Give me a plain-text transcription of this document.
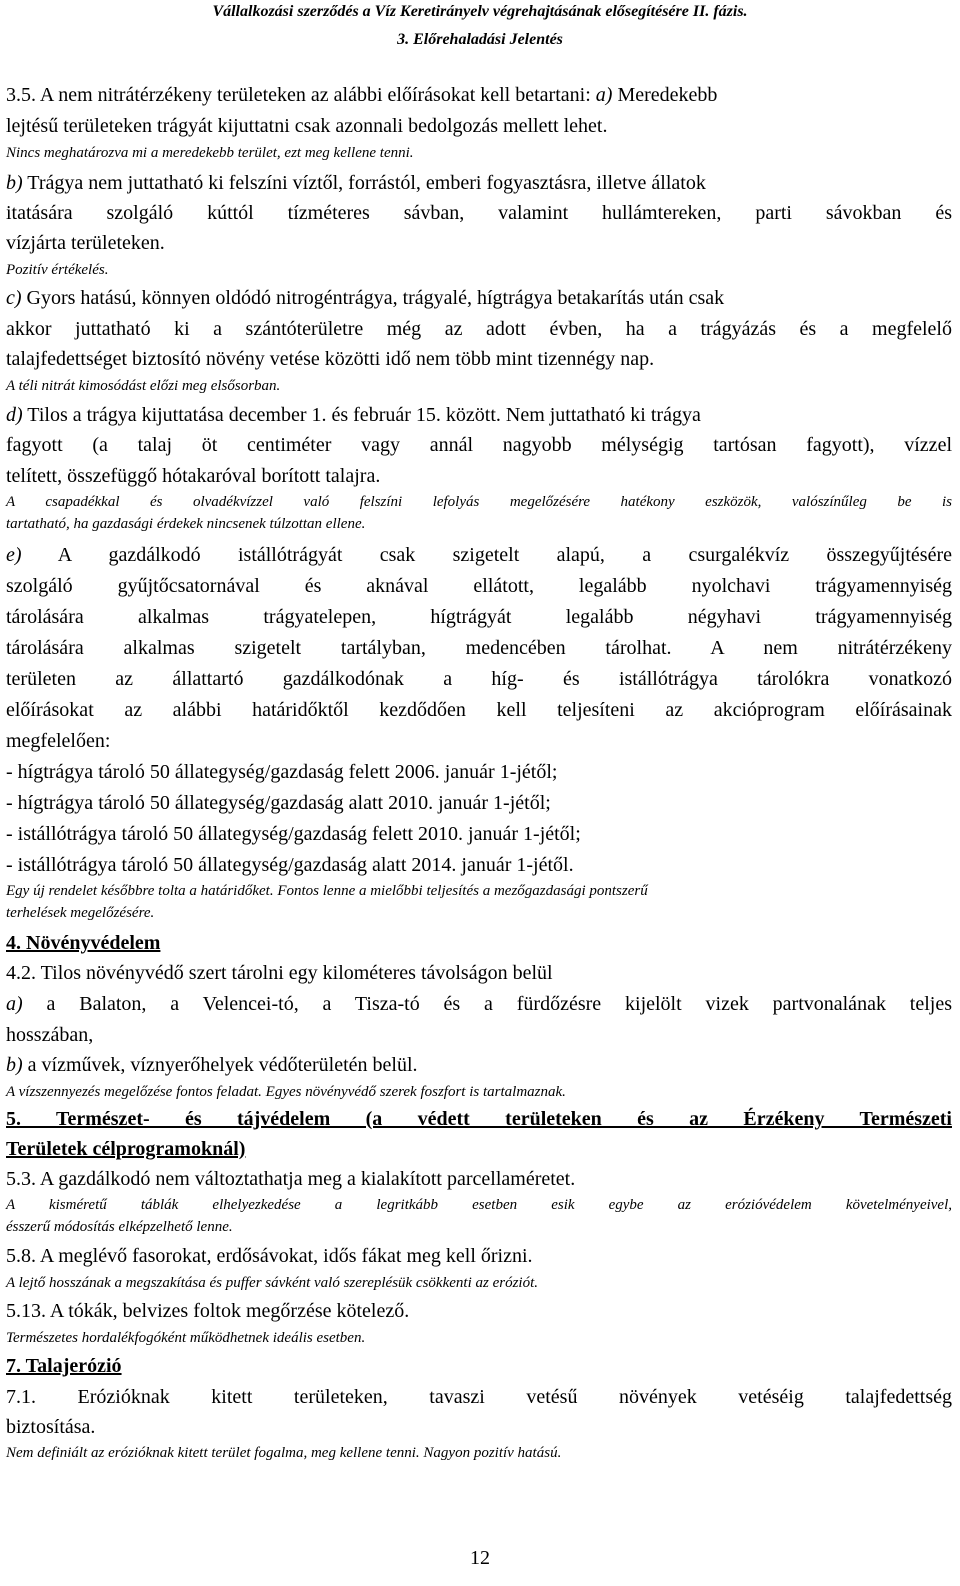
Vállalkozási szerződés a Víz Keretirányelv végrehajtásának elősegítésére II. fázis.
3. Előrehaladási Jelentés
3.5. A nem nitrátérzékeny területeken az alábbi előírásokat kell betartani: a) Meredekebb
lejtésű területeken trágyát kijuttatni csak azonnali bedolgozás mellett lehet.
Nincs meghatározva mi a meredekebb terület, ezt meg kellene tenni.
b) Trágya nem juttatható ki felszíni víztől, forrástól, emberi fogyasztásra, illetve állatok
itatására szolgáló kúttól tízméteres sávban, valamint hullámtereken, parti sávokban és
vízjárta területeken.
Pozitív értékelés.
c) Gyors hatású, könnyen oldódó nitrogéntrágya, trágyalé, hígtrágya betakarítás után csak
akkor juttatható ki a szántóterületre még az adott évben, ha a trágyázás és a megfelelő
talajfedettséget biztosító növény vetése közötti idő nem több mint tizennégy nap.
A téli nitrát kimosódást előzi meg elsősorban.
d) Tilos a trágya kijuttatása december 1. és február 15. között. Nem juttatható ki trágya
fagyott (a talaj öt centiméter vagy annál nagyobb mélységig tartósan fagyott), vízzel
telített, összefüggő hótakaróval borított talajra.
A csapadékkal és olvadékvízzel való felszíni lefolyás megelőzésére hatékony eszközök, valószínűleg be is
tartatható, ha gazdasági érdekek nincsenek túlzottan ellene.
e) A gazdálkodó istállótrágyát csak szigetelt alapú, a csurgalékvíz összegyűjtésére
szolgáló gyűjtőcsatornával és aknával ellátott, legalább nyolchavi trágyamennyiség
tárolására alkalmas trágyatelepen, hígtrágyát legalább négyhavi trágyamennyiség
tárolására alkalmas szigetelt tartályban, medencében tárolhat. A nem nitrátérzékeny
területen az állattartó gazdálkodónak a híg- és istállótrágya tárolókra vonatkozó
előírásokat az alábbi határidőktől kezdődően kell teljesíteni az akcióprogram előírásainak
megfelelően:
- hígtrágya tároló 50 állategység/gazdaság felett 2006. január 1-jétől;
- hígtrágya tároló 50 állategység/gazdaság alatt 2010. január 1-jétől;
- istállótrágya tároló 50 állategység/gazdaság felett 2010. január 1-jétől;
- istállótrágya tároló 50 állategység/gazdaság alatt 2014. január 1-jétől.
Egy új rendelet későbbre tolta a határidőket. Fontos lenne a mielőbbi teljesítés a mezőgazdasági pontszerű
terhelések megelőzésére.
4. Növényvédelem
4.2. Tilos növényvédő szert tárolni egy kilométeres távolságon belül
a) a Balaton, a Velencei-tó, a Tisza-tó és a fürdőzésre kijelölt vizek partvonalának teljes
hosszában,
b) a vízművek, víznyerőhelyek védőterületén belül.
A vízszennyezés megelőzése fontos feladat. Egyes növényvédő szerek foszfort is tartalmaznak.
5. Természet- és tájvédelem (a védett területeken és az Érzékeny Természeti
Területek célprogramoknál)
5.3. A gazdálkodó nem változtathatja meg a kialakított parcellaméretet.
A kisméretű táblák elhelyezkedése a legritkább esetben esik egybe az erózióvédelem követelményeivel,
ésszerű módosítás elképzelhető lenne.
5.8. A meglévő fasorokat, erdősávokat, idős fákat meg kell őrizni.
A lejtő hosszának a megszakítása és puffer sávként való szereplésük csökkenti az eróziót.
5.13. A tókák, belvizes foltok megőrzése kötelező.
Természetes hordalékfogóként működhetnek ideális esetben.
7. Talajerózió
7.1. Erózióknak kitett területeken, tavaszi vetésű növények vetéséig talajfedettség
biztosítása.
Nem definiált az erózióknak kitett terület fogalma, meg kellene tenni. Nagyon pozitív hatású.
12
